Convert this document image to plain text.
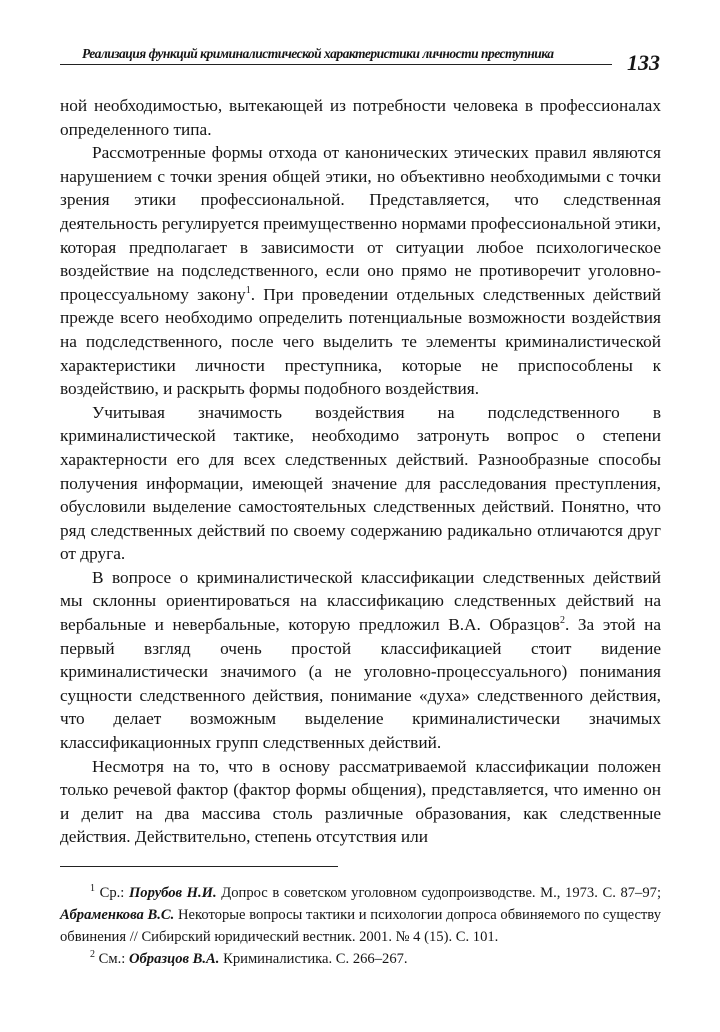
Реализация функций криминалистической характеристики личности преступника	133

ной необходимостью, вытекающей из потребности человека в профессионалах определенного типа.

Рассмотренные формы отхода от канонических этических правил являются нарушением с точки зрения общей этики, но объективно необходимыми с точки зрения этики профессиональной. Представляется, что следственная деятельность регулируется преимущественно нормами профессиональной этики, которая предполагает в зависимости от ситуации любое психологическое воздействие на подследственного, если оно прямо не противоречит уголовно-процессуальному закону$^1$. При проведении отдельных следственных действий прежде всего необходимо определить потенциальные возможности воздействия на подследственного, после чего выделить те элементы криминалистической характеристики личности преступника, которые не приспособлены к воздействию, и раскрыть формы подобного воздействия.

Учитывая значимость воздействия на подследственного в криминалистической тактике, необходимо затронуть вопрос о степени характерности его для всех следственных действий. Разнообразные способы получения информации, имеющей значение для расследования преступления, обусловили выделение самостоятельных следственных действий. Понятно, что ряд следственных действий по своему содержанию радикально отличаются друг от друга.

В вопросе о криминалистической классификации следственных действий мы склонны ориентироваться на классификацию следственных действий на вербальные и невербальные, которую предложил В.А. Образцов$^2$. За этой на первый взгляд очень простой классификацией стоит видение криминалистически значимого (а не уголовно-процессуального) понимания сущности следственного действия, понимание «духа» следственного действия, что делает возможным выделение криминалистически значимых классификационных групп следственных действий.

Несмотря на то, что в основу рассматриваемой классификации положен только речевой фактор (фактор формы общения), представляется, что именно он и делит на два массива столь различные образования, как следственные действия. Действительно, степень отсутствия или

$^1$ Ср.: Порубов Н.И. Допрос в советском уголовном судопроизводстве. М., 1973. С. 87–97; Абраменкова В.С. Некоторые вопросы тактики и психологии допроса обвиняемого по существу обвинения // Сибирский юридический вестник. 2001. № 4 (15). С. 101.

$^2$ См.: Образцов В.А. Криминалистика. С. 266–267.
